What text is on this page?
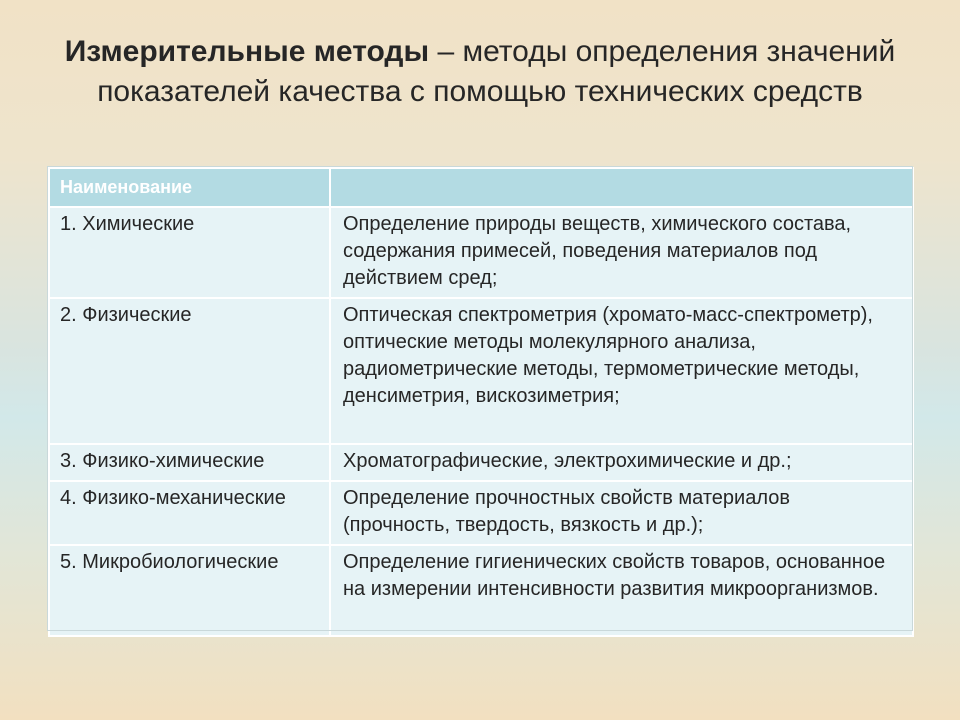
Измерительные методы – методы определения значений показателей качества с помощью технических средств
Наименование	
1. Химические	Определение природы веществ, химического состава, содержания примесей, поведения материалов под действием сред;
2. Физические	Оптическая спектрометрия (хромато-масс-спектрометр), оптические методы молекулярного анализа, радиометрические методы, термометрические методы, денсиметрия, вискозиметрия;
3. Физико-химические	Хроматографические, электрохимические и др.;
4. Физико-механические	Определение прочностных свойств материалов (прочность, твердость, вязкость и др.);
5. Микробиологические	Определение гигиенических свойств товаров, основанное на измерении интенсивности развития микроорганизмов.
